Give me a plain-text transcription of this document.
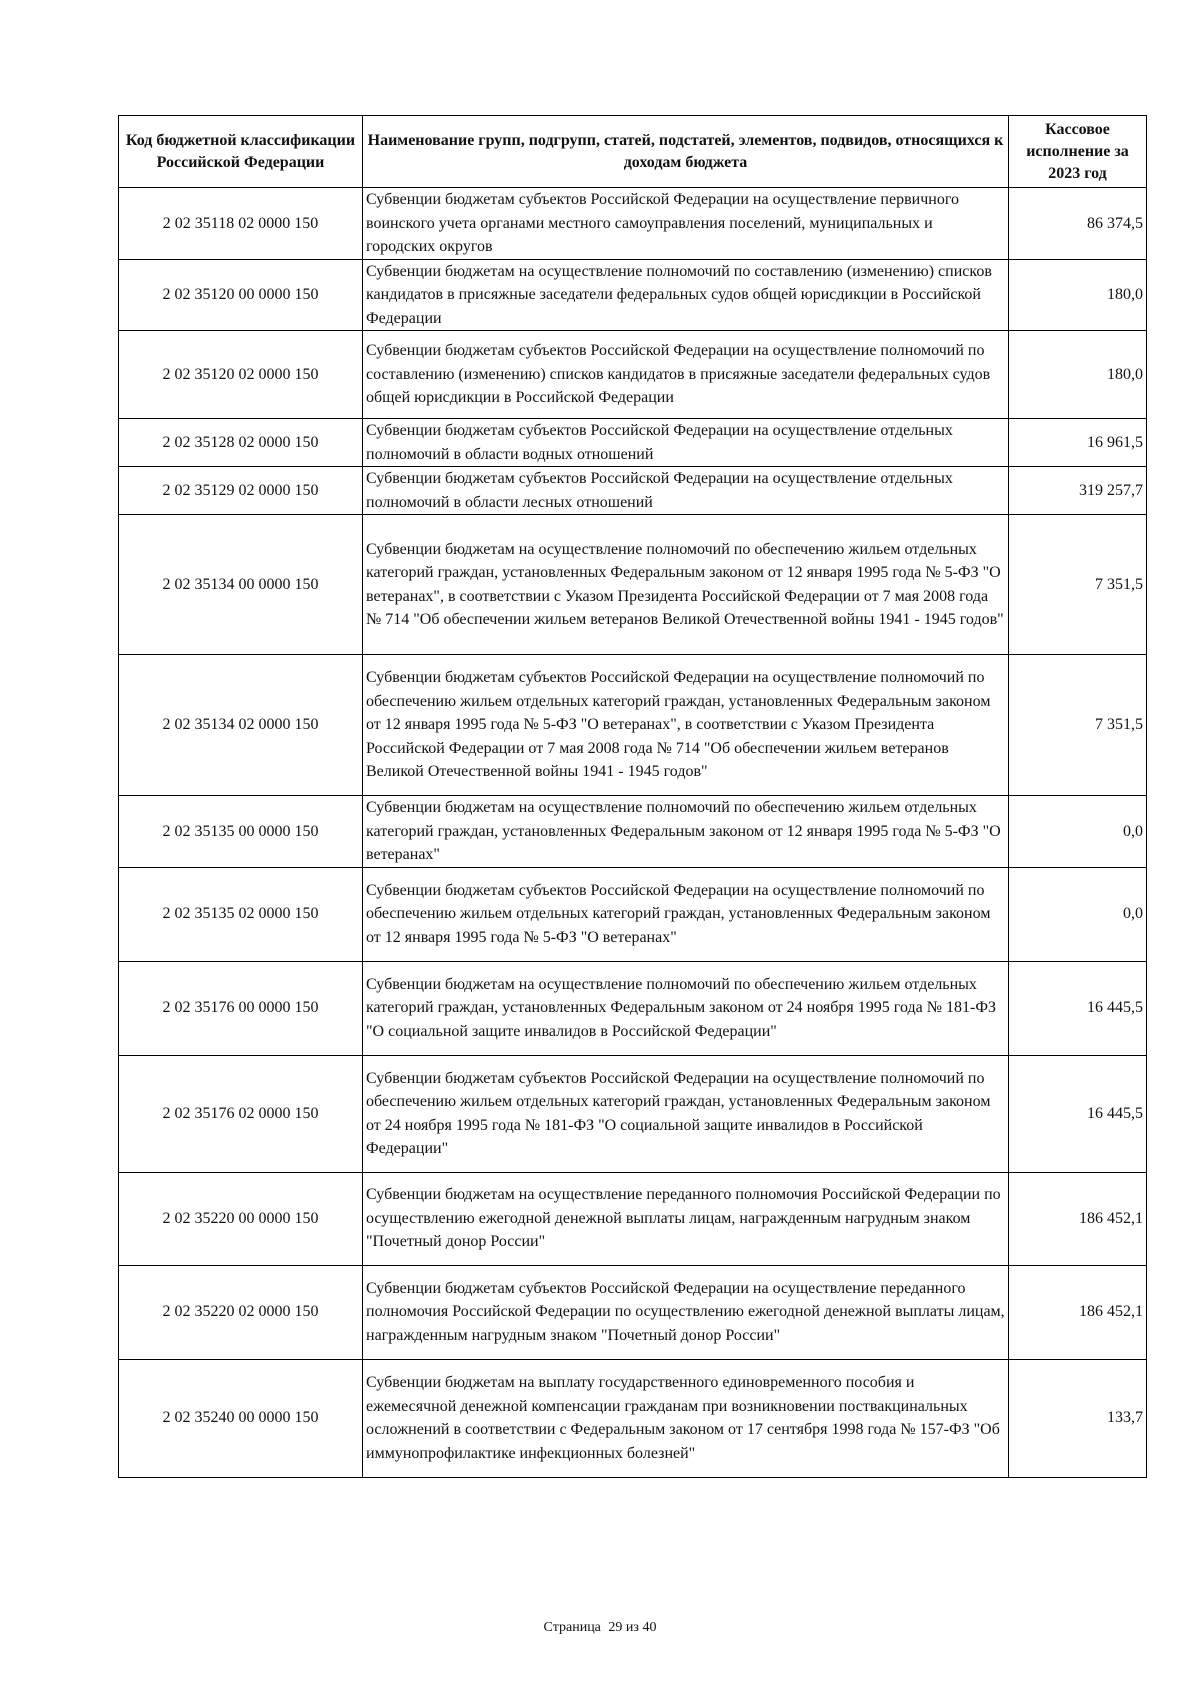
Код бюджетной классификации Российской Федерации	Наименование групп, подгрупп, статей, подстатей, элементов, подвидов, относящихся к доходам бюджета	Кассовое исполнение за 2023 год
2 02 35118 02 0000 150	Субвенции бюджетам субъектов Российской Федерации на осуществление первичного воинского учета органами местного самоуправления поселений, муниципальных и городских округов	86 374,5
2 02 35120 00 0000 150	Субвенции бюджетам на осуществление полномочий по составлению (изменению) списков кандидатов в присяжные заседатели федеральных судов общей юрисдикции в Российской Федерации	180,0
2 02 35120 02 0000 150	Субвенции бюджетам субъектов Российской Федерации на осуществление полномочий по составлению (изменению) списков кандидатов в присяжные заседатели федеральных судов общей юрисдикции в Российской Федерации	180,0
2 02 35128 02 0000 150	Субвенции бюджетам субъектов Российской Федерации на осуществление отдельных полномочий в области водных отношений	16 961,5
2 02 35129 02 0000 150	Субвенции бюджетам субъектов Российской Федерации на осуществление отдельных полномочий в области лесных отношений	319 257,7
2 02 35134 00 0000 150	Субвенции бюджетам на осуществление полномочий по обеспечению жильем отдельных категорий граждан, установленных Федеральным законом от 12 января 1995 года № 5-ФЗ "О ветеранах", в соответствии с Указом Президента Российской Федерации от 7 мая 2008 года № 714 "Об обеспечении жильем ветеранов Великой Отечественной войны 1941 - 1945 годов"	7 351,5
2 02 35134 02 0000 150	Субвенции бюджетам субъектов Российской Федерации на осуществление полномочий по обеспечению жильем отдельных категорий граждан, установленных Федеральным законом от 12 января 1995 года № 5-ФЗ "О ветеранах", в соответствии с Указом Президента Российской Федерации от 7 мая 2008 года № 714 "Об обеспечении жильем ветеранов Великой Отечественной войны 1941 - 1945 годов"	7 351,5
2 02 35135 00 0000 150	Субвенции бюджетам на осуществление полномочий по обеспечению жильем отдельных категорий граждан, установленных Федеральным законом от 12 января 1995 года № 5-ФЗ "О ветеранах"	0,0
2 02 35135 02 0000 150	Субвенции бюджетам субъектов Российской Федерации на осуществление полномочий по обеспечению жильем отдельных категорий граждан, установленных Федеральным законом от 12 января 1995 года № 5-ФЗ "О ветеранах"	0,0
2 02 35176 00 0000 150	Субвенции бюджетам на осуществление полномочий по обеспечению жильем отдельных категорий граждан, установленных Федеральным законом от 24 ноября 1995 года № 181-ФЗ "О социальной защите инвалидов в Российской Федерации"	16 445,5
2 02 35176 02 0000 150	Субвенции бюджетам субъектов Российской Федерации на осуществление полномочий по обеспечению жильем отдельных категорий граждан, установленных Федеральным законом от 24 ноября 1995 года № 181-ФЗ "О социальной защите инвалидов в Российской Федерации"	16 445,5
2 02 35220 00 0000 150	Субвенции бюджетам на осуществление переданного полномочия Российской Федерации по осуществлению ежегодной денежной выплаты лицам, награжденным нагрудным знаком "Почетный донор России"	186 452,1
2 02 35220 02 0000 150	Субвенции бюджетам субъектов Российской Федерации на осуществление переданного полномочия Российской Федерации по осуществлению ежегодной денежной выплаты лицам, награжденным нагрудным знаком "Почетный донор России"	186 452,1
2 02 35240 00 0000 150	Субвенции бюджетам на выплату государственного единовременного пособия и ежемесячной денежной компенсации гражданам при возникновении поствакцинальных осложнений в соответствии с Федеральным законом от 17 сентября 1998 года № 157-ФЗ "Об иммунопрофилактике инфекционных болезней"	133,7
Страница 29 из 40
